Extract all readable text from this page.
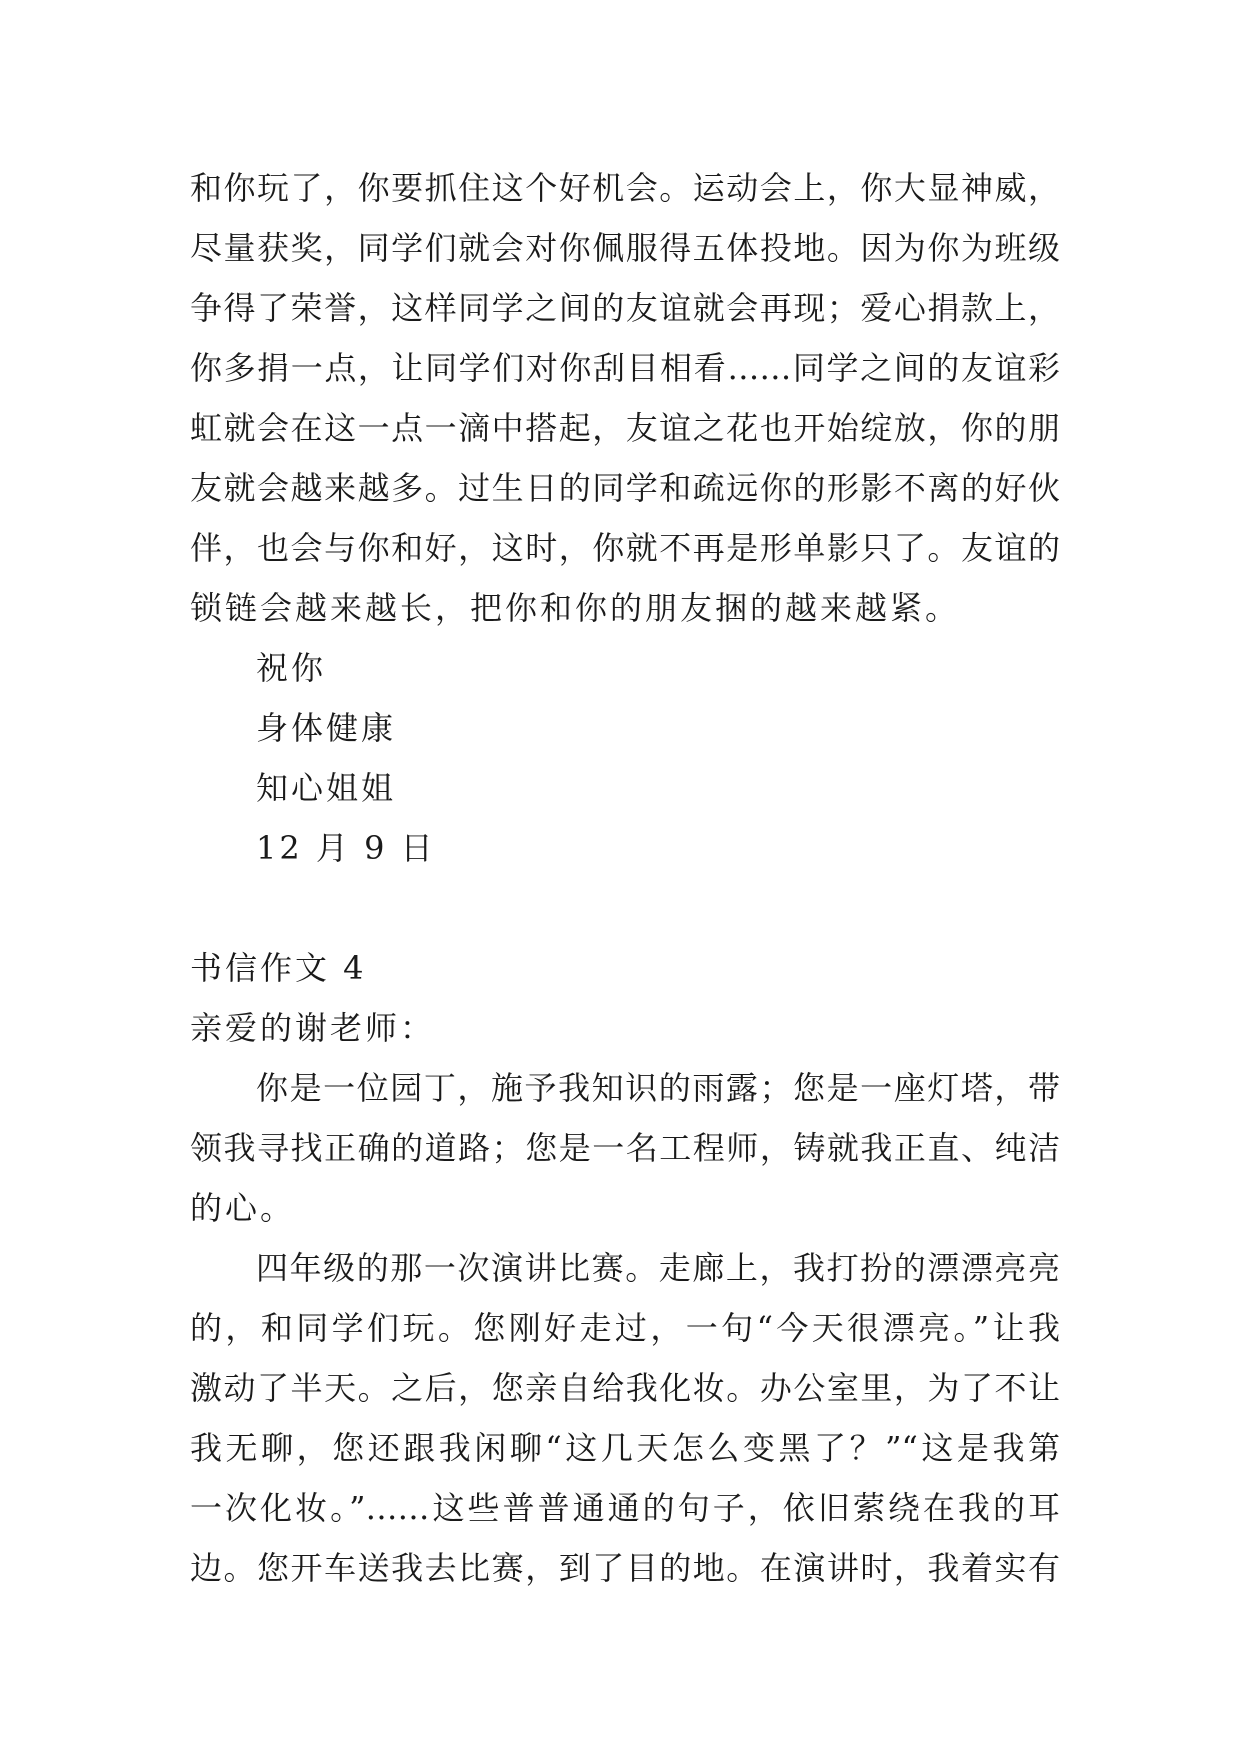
和你玩了，你要抓住这个好机会。运动会上，你大显神威，
尽量获奖，同学们就会对你佩服得五体投地。因为你为班级
争得了荣誉，这样同学之间的友谊就会再现；爱心捐款上，
你多捐一点，让同学们对你刮目相看……同学之间的友谊彩
虹就会在这一点一滴中搭起，友谊之花也开始绽放，你的朋
友就会越来越多。过生日的同学和疏远你的形影不离的好伙
伴，也会与你和好，这时，你就不再是形单影只了。友谊的
锁链会越来越长，把你和你的朋友捆的越来越紧。
祝你
身体健康
知心姐姐
12 月 9 日
书信作文 4
亲爱的谢老师：
你是一位园丁，施予我知识的雨露；您是一座灯塔，带
领我寻找正确的道路；您是一名工程师，铸就我正直、纯洁
的心。
四年级的那一次演讲比赛。走廊上，我打扮的漂漂亮亮
的，和同学们玩。您刚好走过，一句“今天很漂亮。”让我
激动了半天。之后，您亲自给我化妆。办公室里，为了不让
我无聊，您还跟我闲聊“这几天怎么变黑了？”“这是我第
一次化妆。”……这些普普通通的句子，依旧萦绕在我的耳
边。您开车送我去比赛，到了目的地。在演讲时，我着实有
